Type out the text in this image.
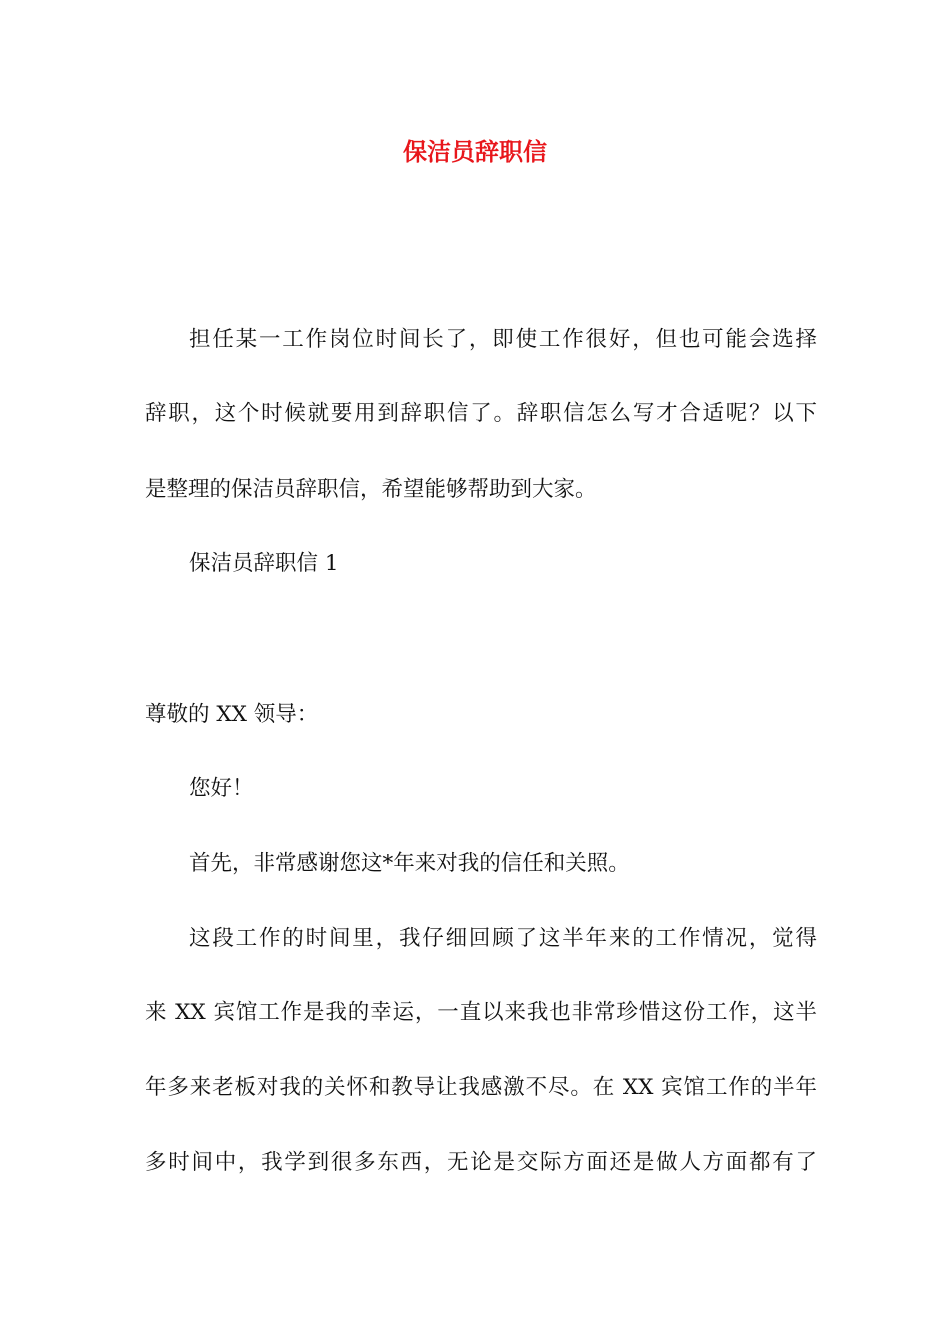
保洁员辞职信
担任某一工作岗位时间长了，即使工作很好，但也可能会选择
辞职，这个时候就要用到辞职信了。辞职信怎么写才合适呢？以下
是整理的保洁员辞职信，希望能够帮助到大家。
保洁员辞职信 1
尊敬的 XX 领导：
您好！
首先，非常感谢您这*年来对我的信任和关照。
这段工作的时间里，我仔细回顾了这半年来的工作情况，觉得
来 XX 宾馆工作是我的幸运，一直以来我也非常珍惜这份工作，这半
年多来老板对我的关怀和教导让我感激不尽。在 XX 宾馆工作的半年
多时间中，我学到很多东西，无论是交际方面还是做人方面都有了
